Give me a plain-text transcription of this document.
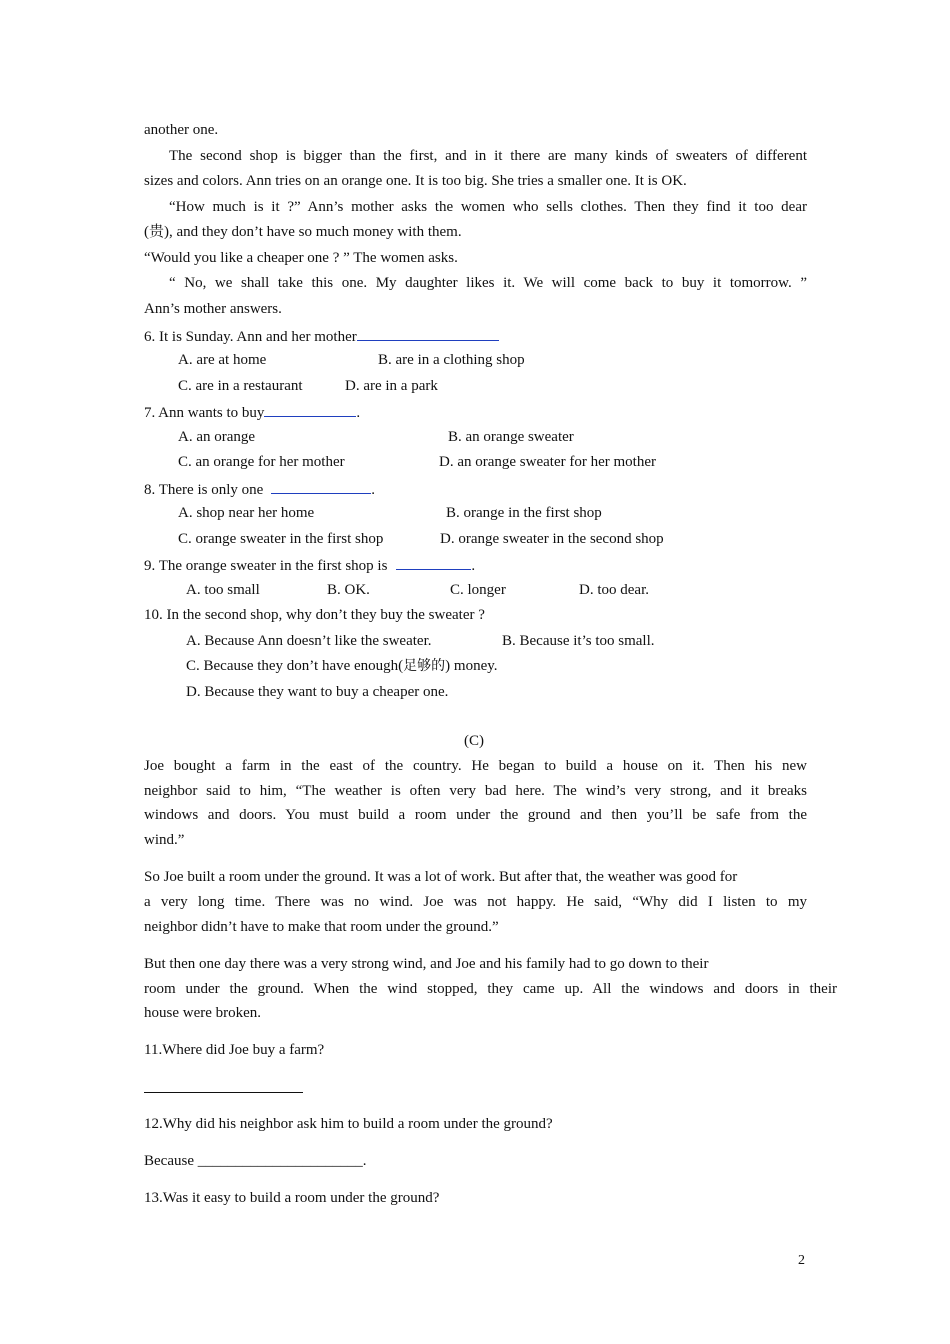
another one.
The second shop is bigger than the first, and in it there are many kinds of sweaters of different
sizes and colors. Ann tries on an orange one. It is too big. She tries a smaller one. It is OK.
“How much is it ?” Ann’s mother asks the women who sells clothes. Then they find it too dear
(贵), and they don’t have so much money with them.
“Would you like a cheaper one ? ” The women asks.
“ No, we shall take this one. My daughter likes it. We will come back to buy it tomorrow. ”
Ann’s mother answers.
6. It is Sunday. Ann and her mother
A. are at home	B. are in a clothing shop
C. are in a restaurant	D. are in a park
7. Ann wants to buy	.
A. an orange	B. an orange sweater
C. an orange for her mother	D. an orange sweater for her mother
8. There is only one	.
A. shop near her home	B. orange in the first shop
C. orange sweater in the first shop	D. orange sweater in the second shop
9. The orange sweater in the first shop is	.
A. too small	B. OK.	C. longer	D. too dear.
10. In the second shop, why don’t they buy the sweater ?
A. Because Ann doesn’t like the sweater.	B. Because it’s too small.
C. Because they don’t have enough(足够的) money.
D. Because they want to buy a cheaper one.
(C)
Joe bought a farm in the east of the country. He began to build a house on it. Then his new
neighbor said to him, “The weather is often very bad here. The wind’s very strong, and it breaks
windows and doors. You must build a room under the ground and then you’ll be safe from the
wind.”
So Joe built a room under the ground. It was a lot of work. But after that, the weather was good for
a very long time. There was no wind. Joe was not happy. He said, “Why did I listen to my
neighbor didn’t have to make that room under the ground.”
But then one day there was a very strong wind, and Joe and his family had to go down to their
room under the ground. When the wind stopped, they came up. All the windows and doors in their
house were broken.
11.Where did Joe buy a farm?
12.Why did his neighbor ask him to build a room under the ground?
Because ______________________.
13.Was it easy to build a room under the ground?
2
